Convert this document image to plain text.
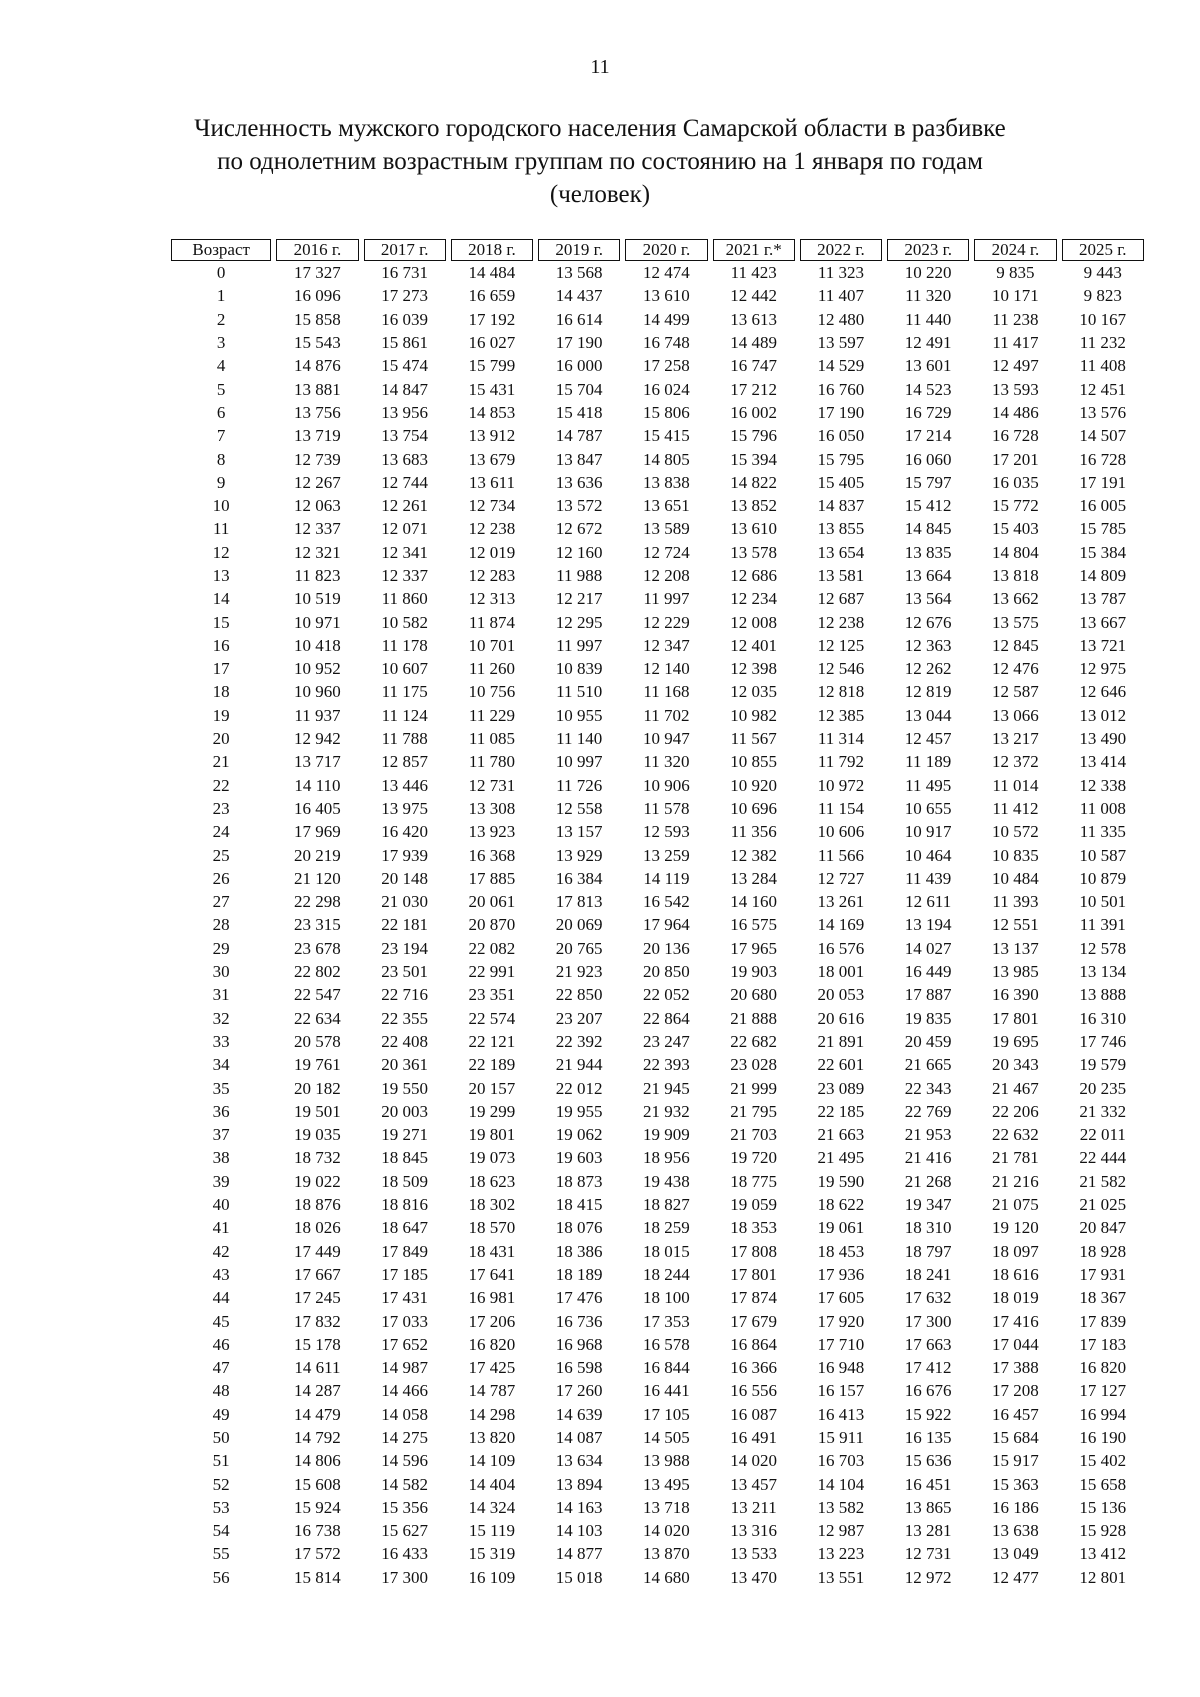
11
Численность мужского городского населения Самарской области в разбивке
по однолетним возрастным группам по состоянию на 1 января по годам
(человек)
Возраст		2016 г.		2017 г.		2018 г.		2019 г.		2020 г.		2021 г.*		2022 г.		2023 г.		2024 г.		2025 г.
0		17 327		16 731		14 484		13 568		12 474		11 423		11 323		10 220		9 835		9 443
1		16 096		17 273		16 659		14 437		13 610		12 442		11 407		11 320		10 171		9 823
2		15 858		16 039		17 192		16 614		14 499		13 613		12 480		11 440		11 238		10 167
3		15 543		15 861		16 027		17 190		16 748		14 489		13 597		12 491		11 417		11 232
4		14 876		15 474		15 799		16 000		17 258		16 747		14 529		13 601		12 497		11 408
5		13 881		14 847		15 431		15 704		16 024		17 212		16 760		14 523		13 593		12 451
6		13 756		13 956		14 853		15 418		15 806		16 002		17 190		16 729		14 486		13 576
7		13 719		13 754		13 912		14 787		15 415		15 796		16 050		17 214		16 728		14 507
8		12 739		13 683		13 679		13 847		14 805		15 394		15 795		16 060		17 201		16 728
9		12 267		12 744		13 611		13 636		13 838		14 822		15 405		15 797		16 035		17 191
10		12 063		12 261		12 734		13 572		13 651		13 852		14 837		15 412		15 772		16 005
11		12 337		12 071		12 238		12 672		13 589		13 610		13 855		14 845		15 403		15 785
12		12 321		12 341		12 019		12 160		12 724		13 578		13 654		13 835		14 804		15 384
13		11 823		12 337		12 283		11 988		12 208		12 686		13 581		13 664		13 818		14 809
14		10 519		11 860		12 313		12 217		11 997		12 234		12 687		13 564		13 662		13 787
15		10 971		10 582		11 874		12 295		12 229		12 008		12 238		12 676		13 575		13 667
16		10 418		11 178		10 701		11 997		12 347		12 401		12 125		12 363		12 845		13 721
17		10 952		10 607		11 260		10 839		12 140		12 398		12 546		12 262		12 476		12 975
18		10 960		11 175		10 756		11 510		11 168		12 035		12 818		12 819		12 587		12 646
19		11 937		11 124		11 229		10 955		11 702		10 982		12 385		13 044		13 066		13 012
20		12 942		11 788		11 085		11 140		10 947		11 567		11 314		12 457		13 217		13 490
21		13 717		12 857		11 780		10 997		11 320		10 855		11 792		11 189		12 372		13 414
22		14 110		13 446		12 731		11 726		10 906		10 920		10 972		11 495		11 014		12 338
23		16 405		13 975		13 308		12 558		11 578		10 696		11 154		10 655		11 412		11 008
24		17 969		16 420		13 923		13 157		12 593		11 356		10 606		10 917		10 572		11 335
25		20 219		17 939		16 368		13 929		13 259		12 382		11 566		10 464		10 835		10 587
26		21 120		20 148		17 885		16 384		14 119		13 284		12 727		11 439		10 484		10 879
27		22 298		21 030		20 061		17 813		16 542		14 160		13 261		12 611		11 393		10 501
28		23 315		22 181		20 870		20 069		17 964		16 575		14 169		13 194		12 551		11 391
29		23 678		23 194		22 082		20 765		20 136		17 965		16 576		14 027		13 137		12 578
30		22 802		23 501		22 991		21 923		20 850		19 903		18 001		16 449		13 985		13 134
31		22 547		22 716		23 351		22 850		22 052		20 680		20 053		17 887		16 390		13 888
32		22 634		22 355		22 574		23 207		22 864		21 888		20 616		19 835		17 801		16 310
33		20 578		22 408		22 121		22 392		23 247		22 682		21 891		20 459		19 695		17 746
34		19 761		20 361		22 189		21 944		22 393		23 028		22 601		21 665		20 343		19 579
35		20 182		19 550		20 157		22 012		21 945		21 999		23 089		22 343		21 467		20 235
36		19 501		20 003		19 299		19 955		21 932		21 795		22 185		22 769		22 206		21 332
37		19 035		19 271		19 801		19 062		19 909		21 703		21 663		21 953		22 632		22 011
38		18 732		18 845		19 073		19 603		18 956		19 720		21 495		21 416		21 781		22 444
39		19 022		18 509		18 623		18 873		19 438		18 775		19 590		21 268		21 216		21 582
40		18 876		18 816		18 302		18 415		18 827		19 059		18 622		19 347		21 075		21 025
41		18 026		18 647		18 570		18 076		18 259		18 353		19 061		18 310		19 120		20 847
42		17 449		17 849		18 431		18 386		18 015		17 808		18 453		18 797		18 097		18 928
43		17 667		17 185		17 641		18 189		18 244		17 801		17 936		18 241		18 616		17 931
44		17 245		17 431		16 981		17 476		18 100		17 874		17 605		17 632		18 019		18 367
45		17 832		17 033		17 206		16 736		17 353		17 679		17 920		17 300		17 416		17 839
46		15 178		17 652		16 820		16 968		16 578		16 864		17 710		17 663		17 044		17 183
47		14 611		14 987		17 425		16 598		16 844		16 366		16 948		17 412		17 388		16 820
48		14 287		14 466		14 787		17 260		16 441		16 556		16 157		16 676		17 208		17 127
49		14 479		14 058		14 298		14 639		17 105		16 087		16 413		15 922		16 457		16 994
50		14 792		14 275		13 820		14 087		14 505		16 491		15 911		16 135		15 684		16 190
51		14 806		14 596		14 109		13 634		13 988		14 020		16 703		15 636		15 917		15 402
52		15 608		14 582		14 404		13 894		13 495		13 457		14 104		16 451		15 363		15 658
53		15 924		15 356		14 324		14 163		13 718		13 211		13 582		13 865		16 186		15 136
54		16 738		15 627		15 119		14 103		14 020		13 316		12 987		13 281		13 638		15 928
55		17 572		16 433		15 319		14 877		13 870		13 533		13 223		12 731		13 049		13 412
56		15 814		17 300		16 109		15 018		14 680		13 470		13 551		12 972		12 477		12 801
